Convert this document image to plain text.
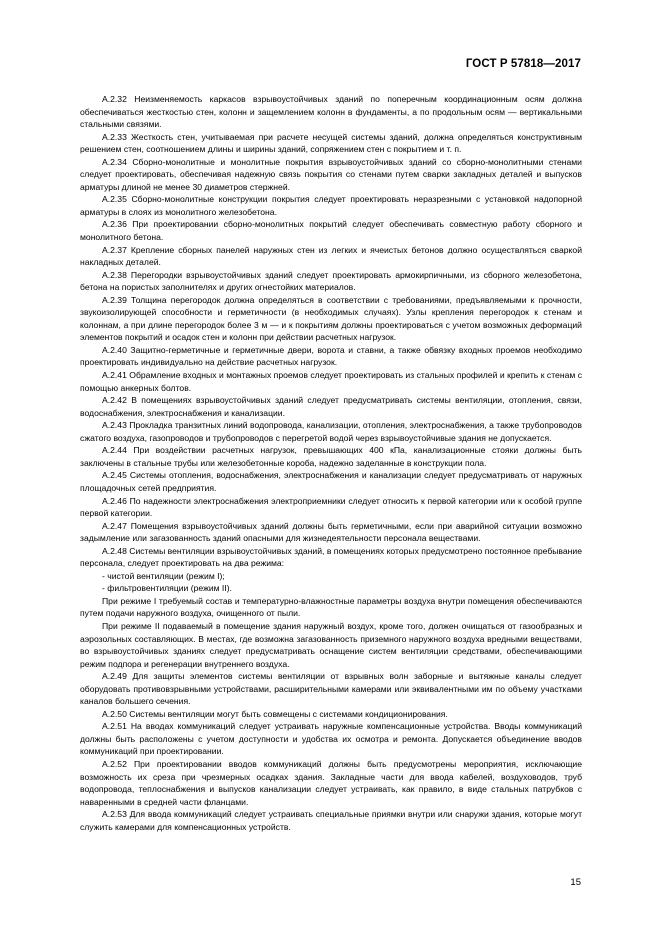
ГОСТ Р 57818—2017

А.2.32 Неизменяемость каркасов взрывоустойчивых зданий по поперечным координационным осям должна обеспечиваться жесткостью стен, колонн и защемлением колонн в фундаменты, а по продольным осям — вертикальными стальными связями.

А.2.33 Жесткость стен, учитываемая при расчете несущей системы зданий, должна определяться конструктивным решением стен, соотношением длины и ширины зданий, сопряжением стен с покрытием и т. п.

А.2.34 Сборно-монолитные и монолитные покрытия взрывоустойчивых зданий со сборно-монолитными стенами следует проектировать, обеспечивая надежную связь покрытия со стенами путем сварки закладных деталей и выпусков арматуры длиной не менее 30 диаметров стержней.

А.2.35 Сборно-монолитные конструкции покрытия следует проектировать неразрезными с установкой надопорной арматуры в слоях из монолитного железобетона.

А.2.36 При проектировании сборно-монолитных покрытий следует обеспечивать совместную работу сборного и монолитного бетона.

А.2.37 Крепление сборных панелей наружных стен из легких и ячеистых бетонов должно осуществляться сваркой накладных деталей.

А.2.38 Перегородки взрывоустойчивых зданий следует проектировать армокирпичными, из сборного железобетона, бетона на пористых заполнителях и других огнестойких материалов.

А.2.39 Толщина перегородок должна определяться в соответствии с требованиями, предъявляемыми к прочности, звукоизолирующей способности и герметичности (в необходимых случаях). Узлы крепления перегородок к стенам и колоннам, а при длине перегородок более 3 м — и к покрытиям должны проектироваться с учетом возможных деформаций элементов покрытий и осадок стен и колонн при действии расчетных нагрузок.

А.2.40 Защитно-герметичные и герметичные двери, ворота и ставни, а также обвязку входных проемов необходимо проектировать индивидуально на действие расчетных нагрузок.

А.2.41 Обрамление входных и монтажных проемов следует проектировать из стальных профилей и крепить к стенам с помощью анкерных болтов.

А.2.42 В помещениях взрывоустойчивых зданий следует предусматривать системы вентиляции, отопления, связи, водоснабжения, электроснабжения и канализации.

А.2.43 Прокладка транзитных линий водопровода, канализации, отопления, электроснабжения, а также трубопроводов сжатого воздуха, газопроводов и трубопроводов с перегретой водой через взрывоустойчивые здания не допускается.

А.2.44 При воздействии расчетных нагрузок, превышающих 400 кПа, канализационные стояки должны быть заключены в стальные трубы или железобетонные короба, надежно заделанные в конструкции пола.

А.2.45 Системы отопления, водоснабжения, электроснабжения и канализации следует предусматривать от наружных площадочных сетей предприятия.

А.2.46 По надежности электроснабжения электроприемники следует относить к первой категории или к особой группе первой категории.

А.2.47 Помещения взрывоустойчивых зданий должны быть герметичными, если при аварийной ситуации возможно задымление или загазованность зданий опасными для жизнедеятельности персонала веществами.

А.2.48 Системы вентиляции взрывоустойчивых зданий, в помещениях которых предусмотрено постоянное пребывание персонала, следует проектировать на два режима:

- чистой вентиляции (режим I);

- фильтровентиляции (режим II).

При режиме I требуемый состав и температурно-влажностные параметры воздуха внутри помещения обеспечиваются путем подачи наружного воздуха, очищенного от пыли.

При режиме II подаваемый в помещение здания наружный воздух, кроме того, должен очищаться от газообразных и аэрозольных составляющих. В местах, где возможна загазованность приземного наружного воздуха вредными веществами, во взрывоустойчивых зданиях следует предусматривать оснащение систем вентиляции средствами, обеспечивающими режим подпора и регенерации внутреннего воздуха.

А.2.49 Для защиты элементов системы вентиляции от взрывных волн заборные и вытяжные каналы следует оборудовать противовзрывными устройствами, расширительными камерами или эквивалентными им по объему участками каналов большего сечения.

А.2.50 Системы вентиляции могут быть совмещены с системами кондиционирования.

А.2.51 На вводах коммуникаций следует устраивать наружные компенсационные устройства. Вводы коммуникаций должны быть расположены с учетом доступности и удобства их осмотра и ремонта. Допускается объединение вводов коммуникаций при проектировании.

А.2.52 При проектировании вводов коммуникаций должны быть предусмотрены мероприятия, исключающие возможность их среза при чрезмерных осадках здания. Закладные части для ввода кабелей, воздуховодов, труб водопровода, теплоснабжения и выпусков канализации следует устраивать, как правило, в виде стальных патрубков с наваренными в средней части фланцами.

А.2.53 Для ввода коммуникаций следует устраивать специальные приямки внутри или снаружи здания, которые могут служить камерами для компенсационных устройств.

15
